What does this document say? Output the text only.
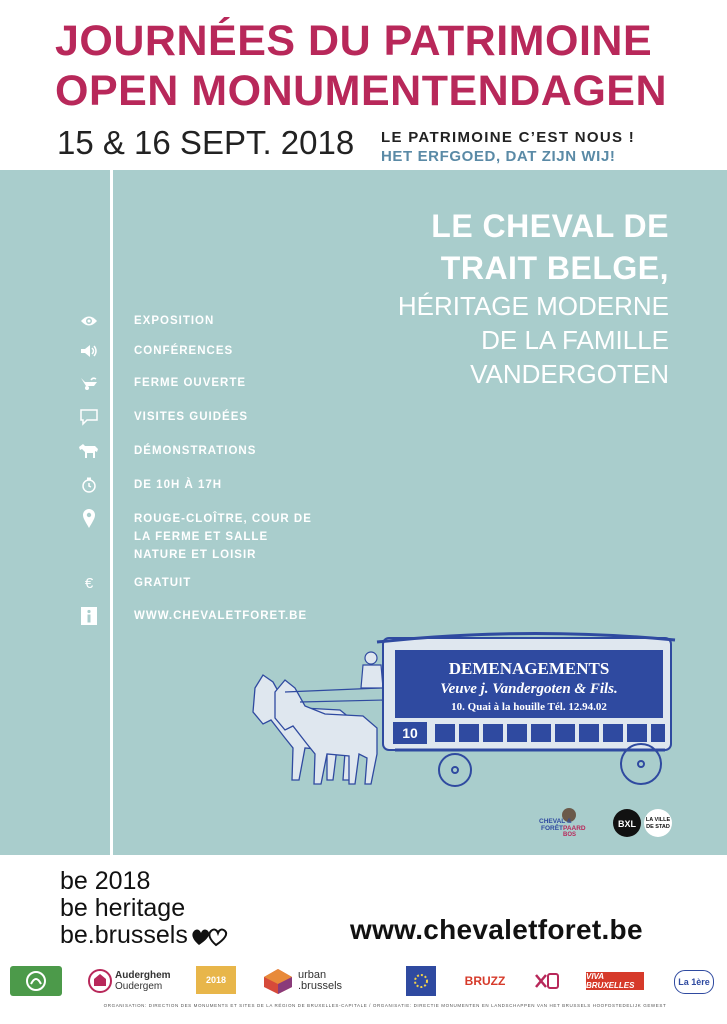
JOURNÉES DU PATRIMOINE
OPEN MONUMENTENDAGEN
15 & 16 SEPT. 2018 LE PATRIMOINE C’EST NOUS !
HET ERFGOED, DAT ZIJN WIJ!
LE CHEVAL DE
TRAIT BELGE,
HÉRITAGE MODERNE
DE LA FAMILLE
VANDERGOTEN
EXPOSITION
CONFÉRENCES
FERME OUVERTE
VISITES GUIDÉES
DÉMONSTRATIONS
DE 10H À 17H
ROUGE-CLOÎTRE, COUR DE LA FERME ET SALLE NATURE ET LOISIR
€	GRATUIT
WWW.CHEVALETFORET.BE
DEMENAGEMENTS
Veuve j. Vandergoten & Fils.
10. Quai à la houille Tél. 12.94.02
10
CHEVAL &
FORÊT PAARD
BOS
BXL LA VILLE
DE STAD
be 2018
be heritage
be.brussels	www.chevaletforet.be
Auderghem
Oudergem
2018	urban
.brussels	BRUZZ	VIVA BRUXELLES	La 1ère
ORGANISATION: DIRECTION DES MONUMENTS ET SITES DE LA RÉGION DE BRUXELLES-CAPITALE / ORGANISATIE: DIRECTIE MONUMENTEN EN LANDSCHAPPEN VAN HET BRUSSELS HOOFDSTEDELIJK GEWEST
